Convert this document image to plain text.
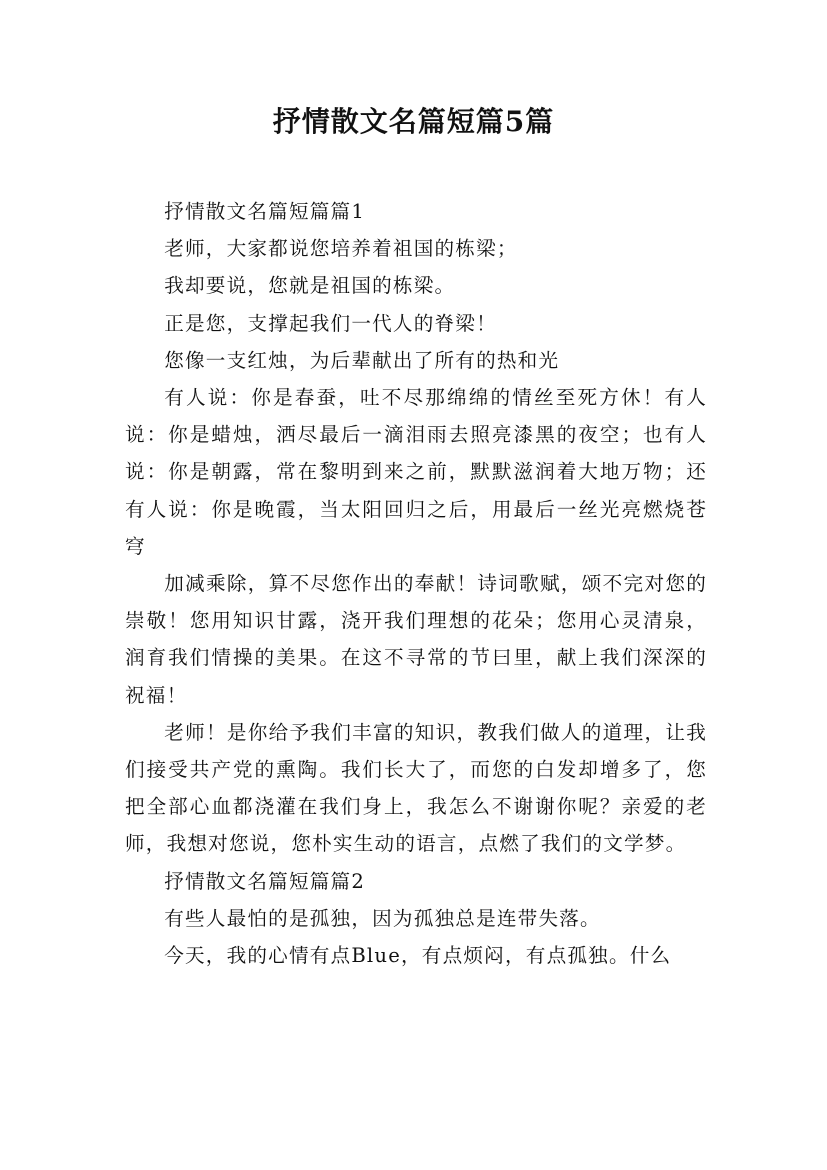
抒情散文名篇短篇5篇

抒情散文名篇短篇篇1

老师，大家都说您培养着祖国的栋梁；

我却要说，您就是祖国的栋梁。

正是您，支撑起我们一代人的脊梁！

您像一支红烛，为后辈献出了所有的热和光

有人说：你是春蚕，吐不尽那绵绵的情丝至死方休！有人说：你是蜡烛，洒尽最后一滴泪雨去照亮漆黑的夜空；也有人说：你是朝露，常在黎明到来之前，默默滋润着大地万物；还有人说：你是晚霞，当太阳回归之后，用最后一丝光亮燃烧苍穹

加减乘除，算不尽您作出的奉献！诗词歌赋，颂不完对您的崇敬！您用知识甘露，浇开我们理想的花朵；您用心灵清泉，润育我们情操的美果。在这不寻常的节曰里，献上我们深深的祝福！

老师！是你给予我们丰富的知识，教我们做人的道理，让我们接受共产党的熏陶。我们长大了，而您的白发却增多了，您把全部心血都浇灌在我们身上，我怎么不谢谢你呢？亲爱的老师，我想对您说，您朴实生动的语言，点燃了我们的文学梦。

抒情散文名篇短篇篇2

有些人最怕的是孤独，因为孤独总是连带失落。

今天，我的心情有点Blue，有点烦闷，有点孤独。什么
